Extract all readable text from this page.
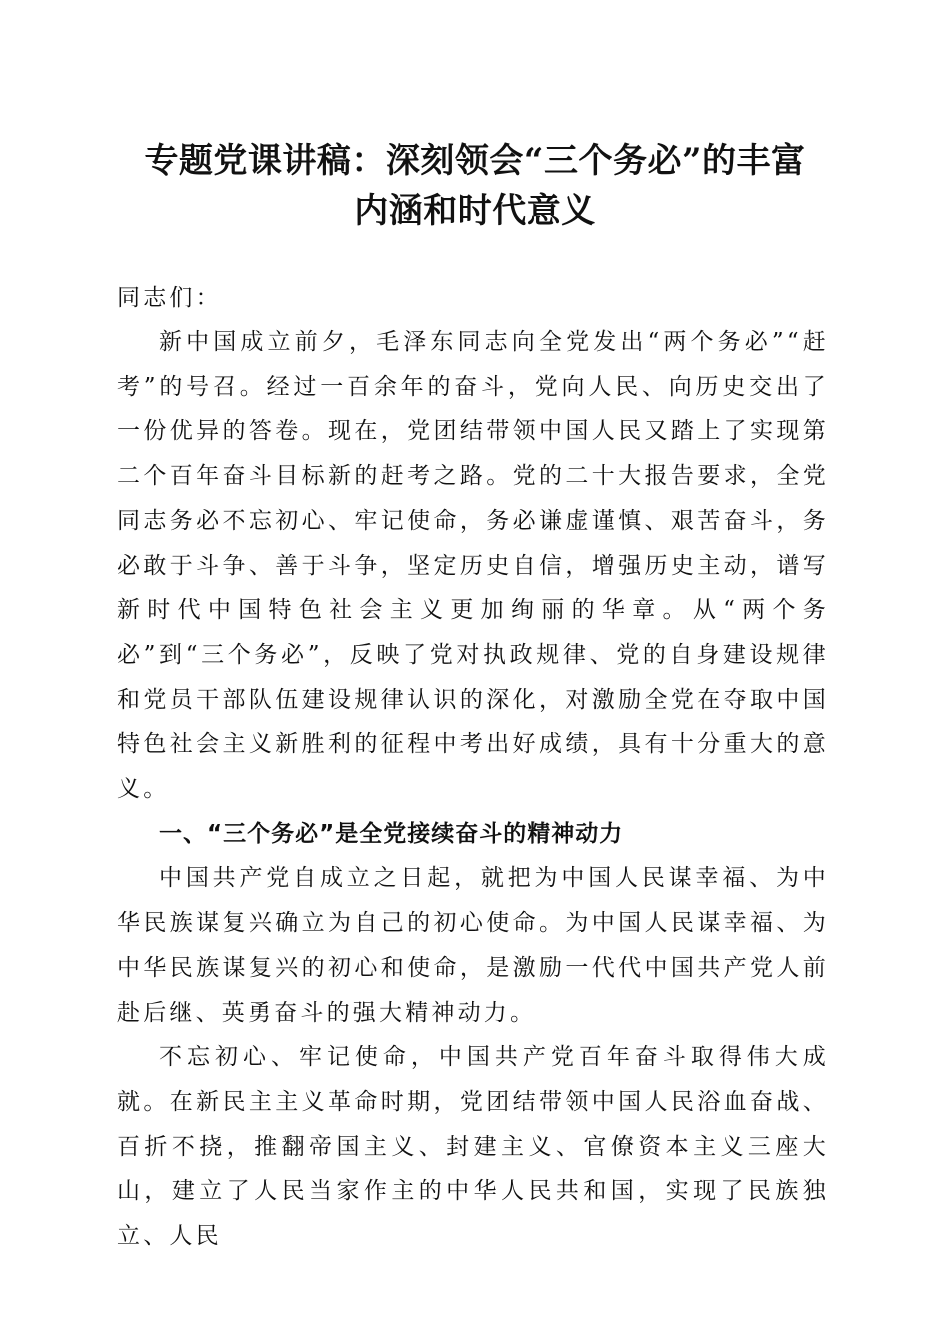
专题党课讲稿：深刻领会“三个务必”的丰富
内涵和时代意义

同志们：

新中国成立前夕，毛泽东同志向全党发出“两个务必”“赶考”的号召。经过一百余年的奋斗，党向人民、向历史交出了一份优异的答卷。现在，党团结带领中国人民又踏上了实现第二个百年奋斗目标新的赶考之路。党的二十大报告要求，全党同志务必不忘初心、牢记使命，务必谦虚谨慎、艰苦奋斗，务必敢于斗争、善于斗争，坚定历史自信，增强历史主动，谱写新时代中国特色社会主义更加绚丽的华章。从“两个务必”到“三个务必”，反映了党对执政规律、党的自身建设规律和党员干部队伍建设规律认识的深化，对激励全党在夺取中国特色社会主义新胜利的征程中考出好成绩，具有十分重大的意义。

一、“三个务必”是全党接续奋斗的精神动力

中国共产党自成立之日起，就把为中国人民谋幸福、为中华民族谋复兴确立为自己的初心使命。为中国人民谋幸福、为中华民族谋复兴的初心和使命，是激励一代代中国共产党人前赴后继、英勇奋斗的强大精神动力。

不忘初心、牢记使命，中国共产党百年奋斗取得伟大成就。在新民主主义革命时期，党团结带领中国人民浴血奋战、百折不挠，推翻帝国主义、封建主义、官僚资本主义三座大山，建立了人民当家作主的中华人民共和国，实现了民族独立、人民
